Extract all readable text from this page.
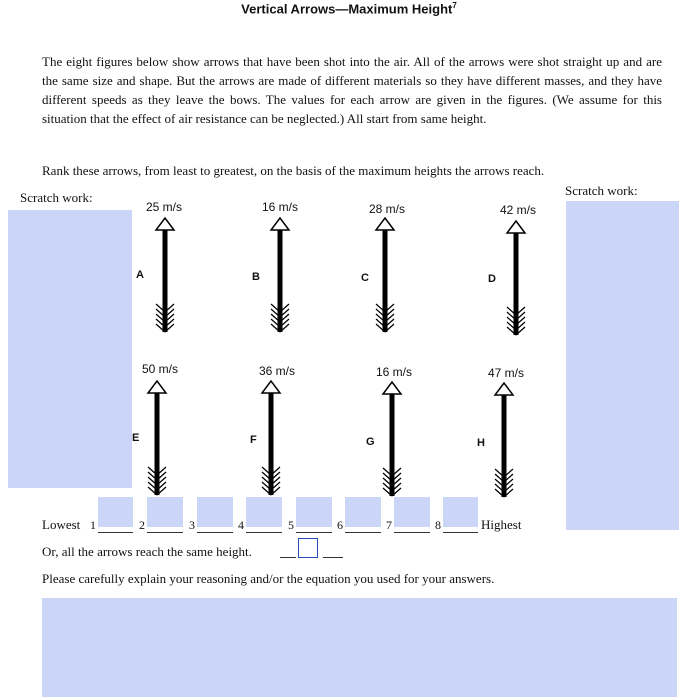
Vertical Arrows—Maximum Height$^7$
The eight figures below show arrows that have been shot into the air. All of the arrows were shot straight up and are the same size and shape. But the arrows are made of different materials so they have different masses, and they have different speeds as they leave the bows. The values for each arrow are given in the figures. (We assume for this situation that the effect of air resistance can be neglected.) All start from same height.
Rank these arrows, from least to greatest, on the basis of the maximum heights the arrows reach.
Scratch work:	Scratch work:
25 m/s	16 m/s	28 m/s	42 m/s
50 m/s	36 m/s	16 m/s	47 m/s
A	B	C	D
E	F	G	H
Lowest 1	2	3	4	5	6	7	8	Highest
Or, all the arrows reach the same height.
Please carefully explain your reasoning and/or the equation you used for your answers.
